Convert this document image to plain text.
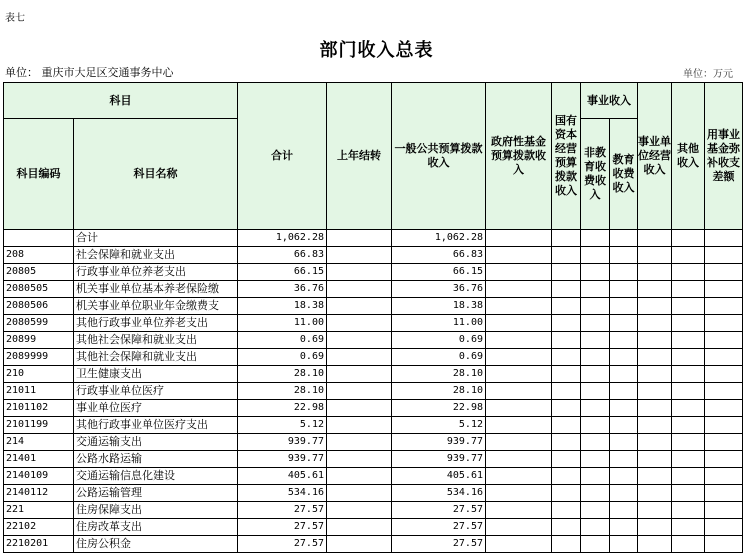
表七
部门收入总表
单位： 重庆市大足区交通事务中心	单位：万元
科目		合计	上年结转	一般公共预算拨款收入	政府性基金预算拨款收入	国有资本经营预算拨款收入	事业收入		事业单位经营收入	其他收入	用事业基金弥补收支差额
科目编码	科目名称						非教育收费收入	教育收费收入			

	合计	1,062.28		1,062.28							
208	社会保障和就业支出	66.83		66.83							
20805	行政事业单位养老支出	66.15		66.15							
2080505	机关事业单位基本养老保险缴	36.76		36.76							
2080506	机关事业单位职业年金缴费支	18.38		18.38							
2080599	其他行政事业单位养老支出	11.00		11.00							
20899	其他社会保障和就业支出	0.69		0.69							
2089999	其他社会保障和就业支出	0.69		0.69							
210	卫生健康支出	28.10		28.10							
21011	行政事业单位医疗	28.10		28.10							
2101102	事业单位医疗	22.98		22.98							
2101199	其他行政事业单位医疗支出	5.12		5.12							
214	交通运输支出	939.77		939.77							
21401	公路水路运输	939.77		939.77							
2140109	交通运输信息化建设	405.61		405.61							
2140112	公路运输管理	534.16		534.16							
221	住房保障支出	27.57		27.57							
22102	住房改革支出	27.57		27.57							
2210201	住房公积金	27.57		27.57							
